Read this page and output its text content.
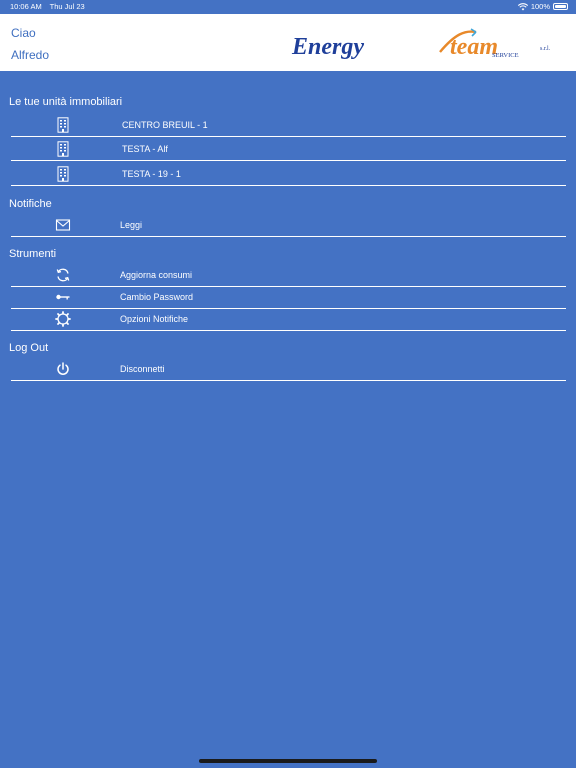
10:06 AM Thu Jul 23	100%
Ciao
Alfredo	Energy	team	s.r.l.
SERVICE
Le tue unità immobiliari
CENTRO BREUIL - 1
TESTA - Alf
TESTA - 19 - 1
Notifiche
Leggi
Strumenti
Aggiorna consumi
Cambio Password
Opzioni Notifiche
Log Out
Disconnetti
